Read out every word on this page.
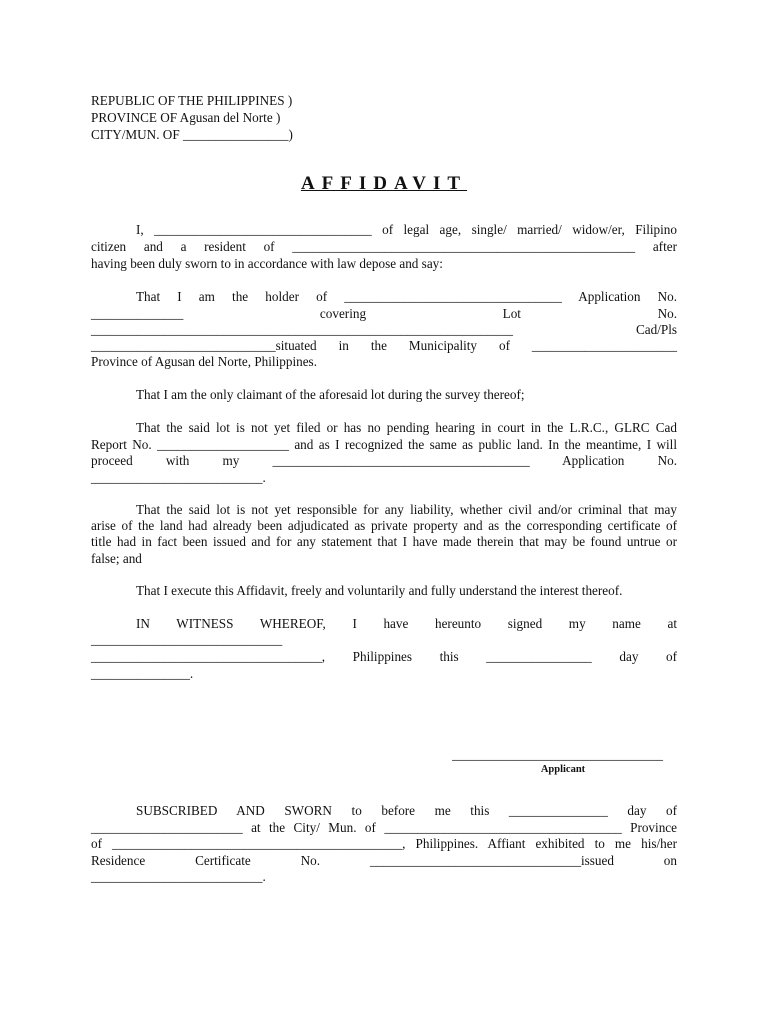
REPUBLIC OF THE PHILIPPINES )
PROVINCE OF Agusan del Norte )
CITY/MUN. OF ________________)
AFFIDAVIT
I, _________________________________ of legal age, single/ married/ widow/er, Filipino
citizen and a resident of ____________________________________________________ after
having been duly sworn to in accordance with law depose and say:
That I am the holder of _________________________________ Application No.
______________ covering Lot No.
________________________________________________________________ Cad/Pls
____________________________situated in the Municipality of ______________________
Province of Agusan del Norte, Philippines.
That I am the only claimant of the aforesaid lot during the survey thereof;
That the said lot is not yet filed or has no pending hearing in court in the L.R.C., GLRC Cad
Report No. ____________________ and as I recognized the same as public land. In the meantime, I will
proceed with my _______________________________________ Application No.
__________________________.
That the said lot is not yet responsible for any liability, whether civil and/or criminal that may
arise of the land had already been adjudicated as private property and as the corresponding certificate of
title had in fact been issued and for any statement that I have made therein that may be found untrue or
false; and
That I execute this Affidavit, freely and voluntarily and fully understand the interest thereof.
IN WITNESS WHEREOF, I have hereunto signed my name at
_____________________________
___________________________________, Philippines this ________________ day of
_______________.
________________________________
Applicant
SUBSCRIBED AND SWORN to before me this _______________ day of
_______________________ at the City/ Mun. of ____________________________________ Province
of ____________________________________________, Philippines. Affiant exhibited to me his/her
Residence Certificate No. ________________________________issued on
__________________________.
